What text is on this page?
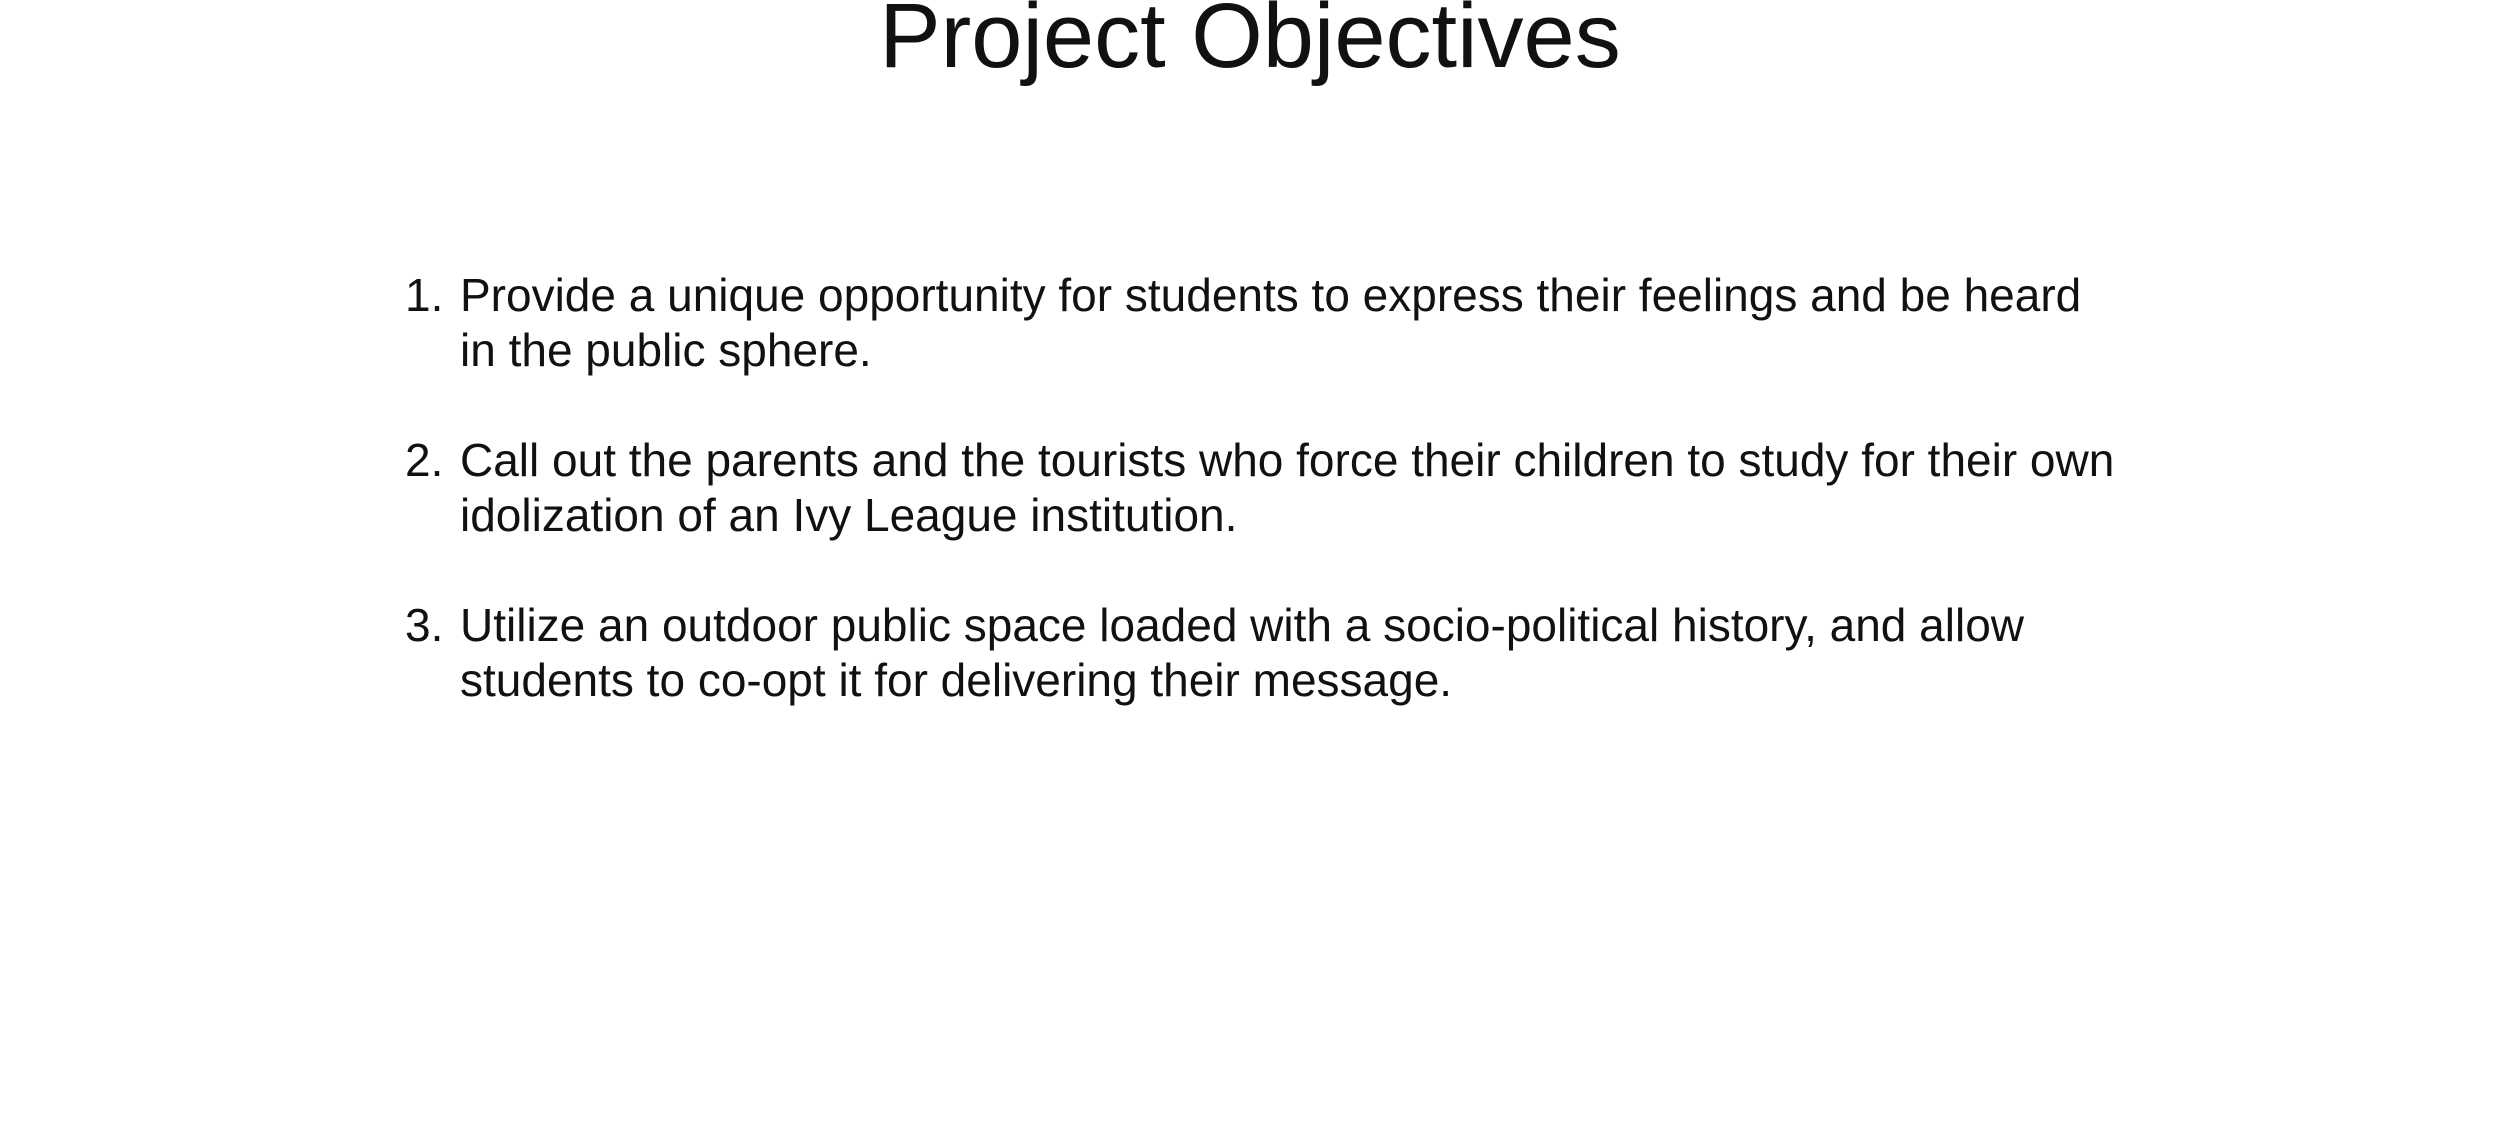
Project Objectives
1. Provide a unique opportunity for students to express their feelings and be heard
in the public sphere.
2. Call out the parents and the tourists who force their children to study for their own
idolization of an Ivy League institution.
3. Utilize an outdoor public space loaded with a socio-political history, and allow
students to co-opt it for delivering their message.
